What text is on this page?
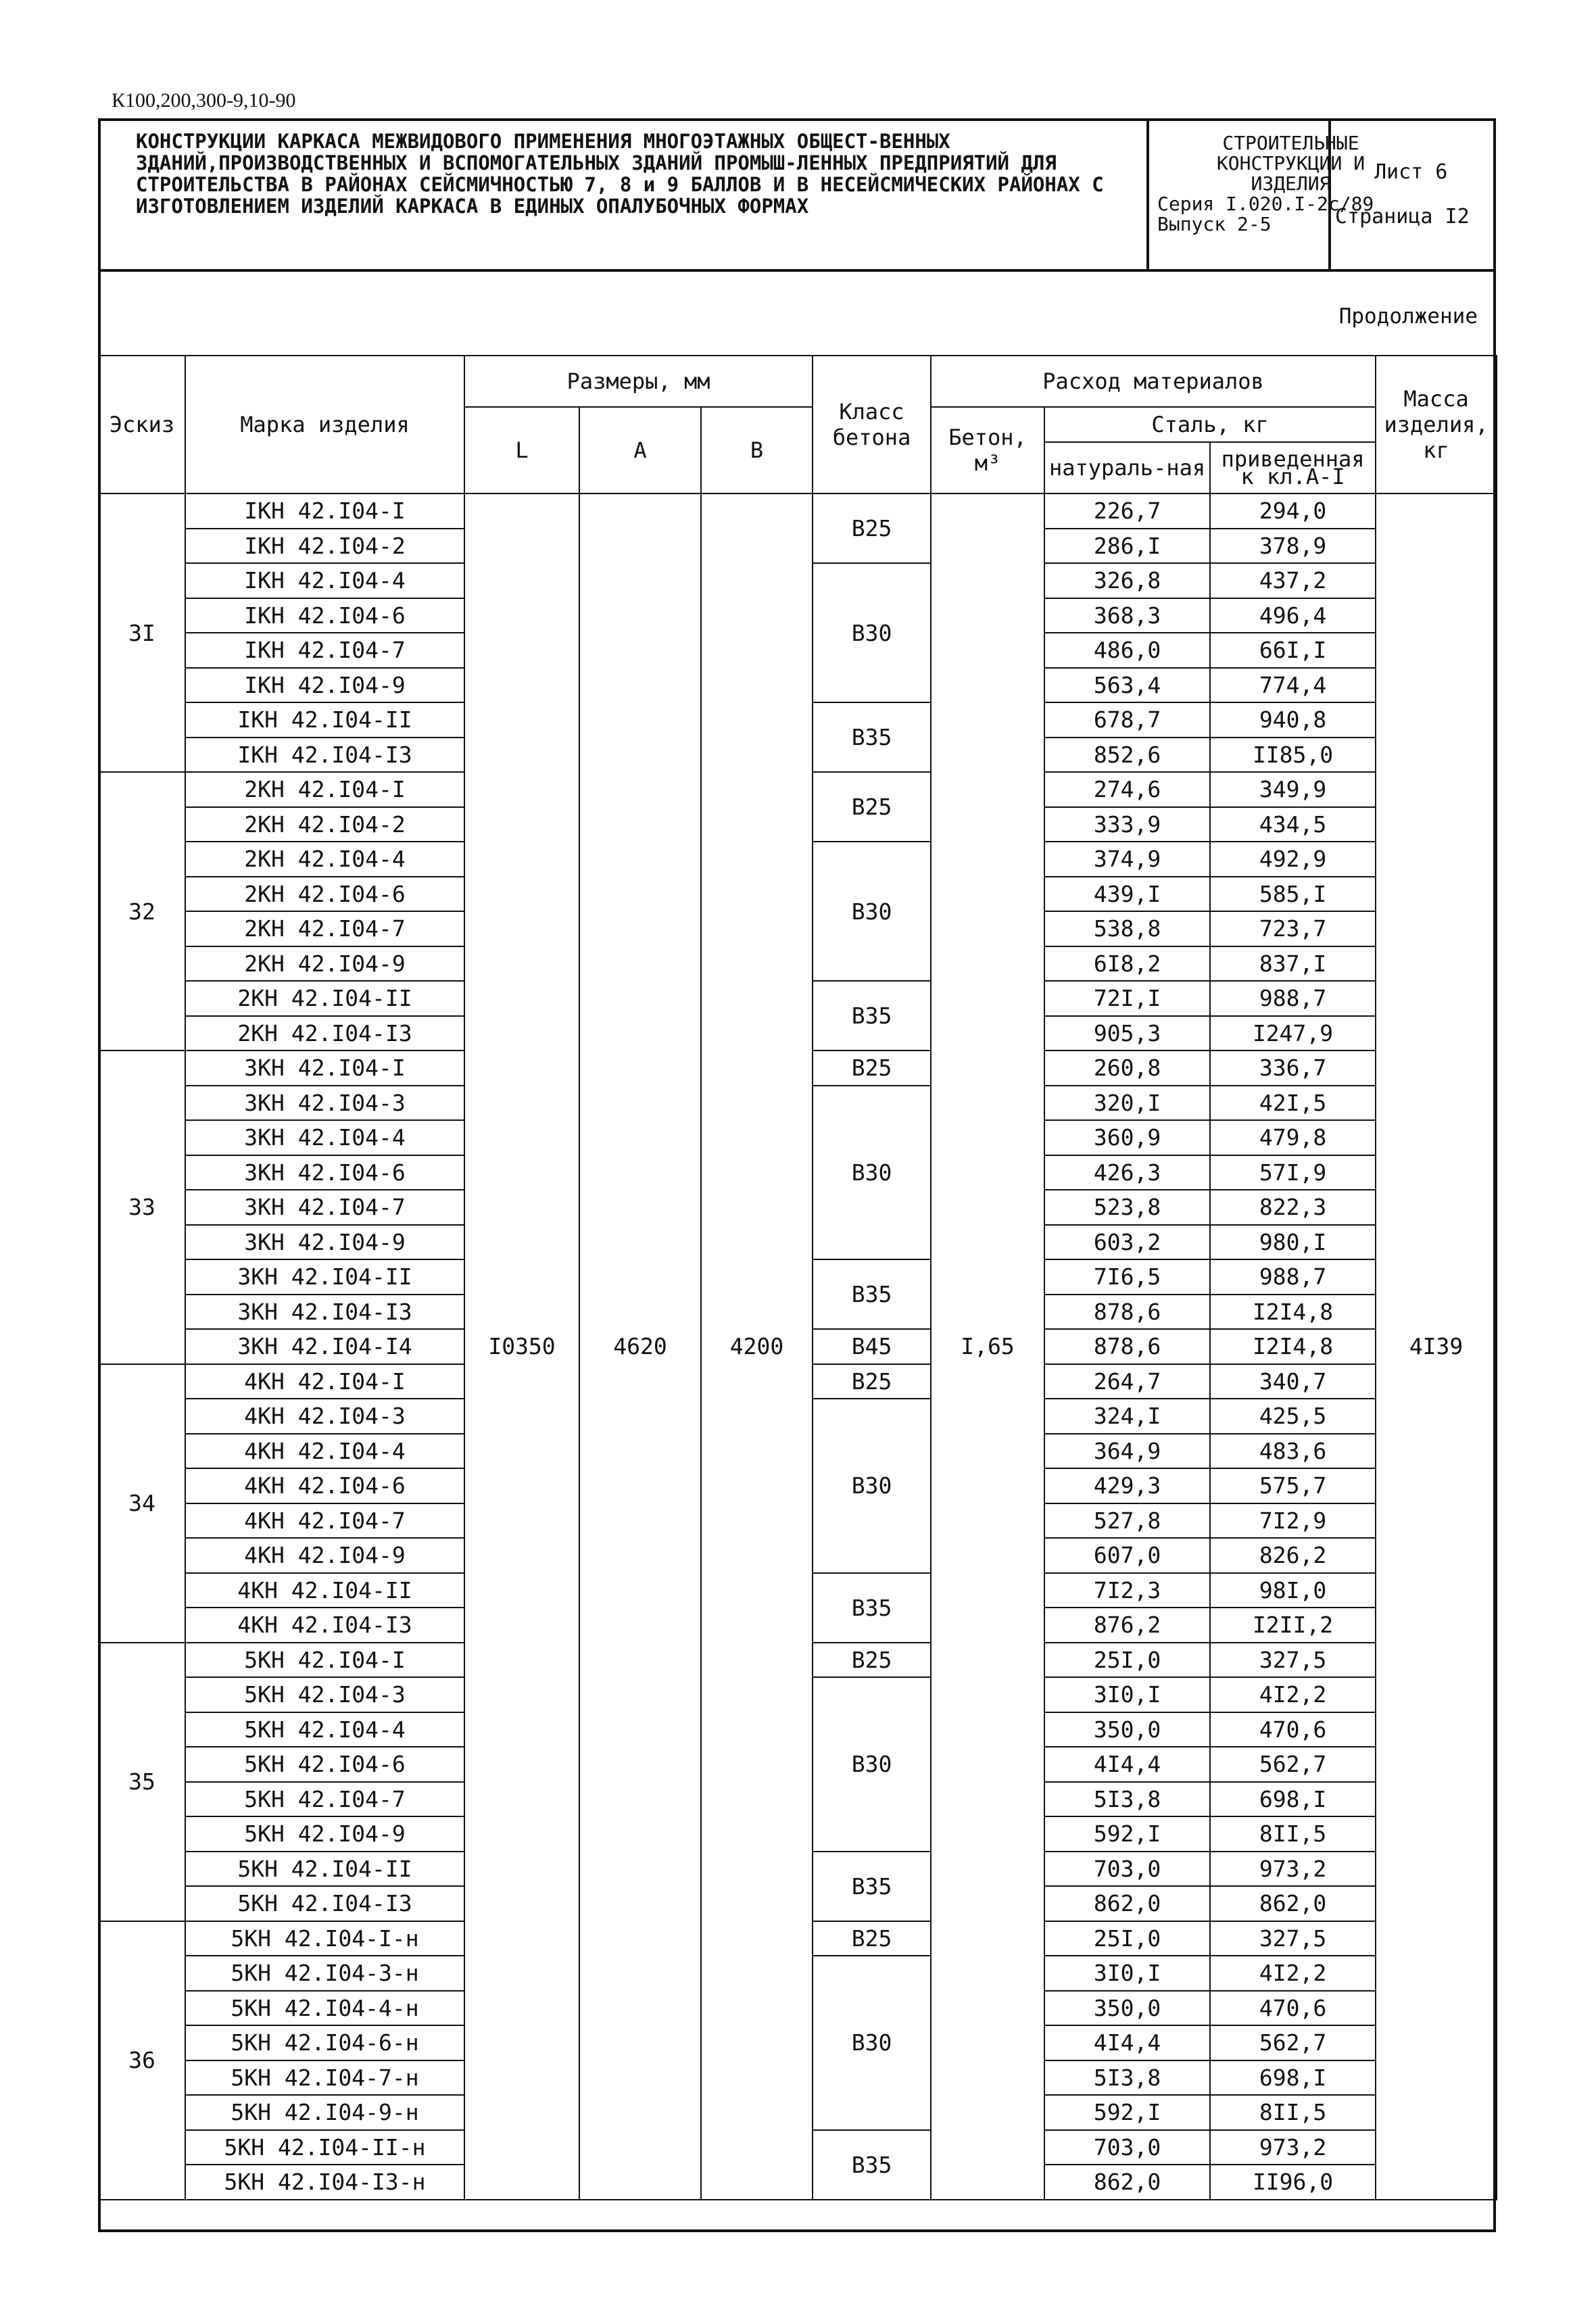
К100,200,300-9,10-90
КОНСТРУКЦИИ КАРКАСА МЕЖВИДОВОГО ПРИМЕНЕНИЯ МНОГОЭТАЖНЫХ ОБЩЕСТ-ВЕННЫХ ЗДАНИЙ,ПРОИЗВОДСТВЕННЫХ И ВСПОМОГАТЕЛЬНЫХ ЗДАНИЙ ПРОМЫШ-ЛЕННЫХ ПРЕДПРИЯТИЙ ДЛЯ СТРОИТЕЛЬСТВА В РАЙОНАХ СЕЙСМИЧНОСТЬЮ 7, 8 и 9 БАЛЛОВ И В НЕСЕЙСМИЧЕСКИХ РАЙОНАХ С ИЗГОТОВЛЕНИЕМ ИЗДЕЛИЙ КАРКАСА В ЕДИНЫХ ОПАЛУБОЧНЫХ ФОРМАХ
СТРОИТЕЛЬНЫЕ
КОНСТРУКЦИИ И
ИЗДЕЛИЯ
Серия I.020.I-2с/89
Выпуск 2-5
Лист 6
Страница I2
Продолжение
Эскиз	Марка изделия	Размеры, мм			Класс бетона	Расход материалов			Масса изделия, кг
		L	A	B		Бетон, м³	Сталь, кг		
							натураль-ная	приведенная к кл.А-I	
3I	IКН 42.I04-I	I0350	4620	4200	B25	I,65	226,7	294,0	4I39
	IКН 42.I04-2						286,I	378,9	
	IКН 42.I04-4				B30		326,8	437,2	
	IКН 42.I04-6						368,3	496,4	
	IКН 42.I04-7						486,0	66I,I	
	IКН 42.I04-9						563,4	774,4	
	IКН 42.I04-II				B35		678,7	940,8	
	IКН 42.I04-I3						852,6	II85,0	
32	2КН 42.I04-I				B25		274,6	349,9	
	2КН 42.I04-2						333,9	434,5	
	2КН 42.I04-4				B30		374,9	492,9	
	2КН 42.I04-6						439,I	585,I	
	2КН 42.I04-7						538,8	723,7	
	2КН 42.I04-9						6I8,2	837,I	
	2КН 42.I04-II				B35		72I,I	988,7	
	2КН 42.I04-I3						905,3	I247,9	
33	3КН 42.I04-I				B25		260,8	336,7	
	3КН 42.I04-3				B30		320,I	42I,5	
	3КН 42.I04-4						360,9	479,8	
	3КН 42.I04-6						426,3	57I,9	
	3КН 42.I04-7						523,8	822,3	
	3КН 42.I04-9						603,2	980,I	
	3КН 42.I04-II				B35		7I6,5	988,7	
	3КН 42.I04-I3						878,6	I2I4,8	
	3КН 42.I04-I4				B45		878,6	I2I4,8	
34	4КН 42.I04-I				B25		264,7	340,7	
	4КН 42.I04-3				B30		324,I	425,5	
	4КН 42.I04-4						364,9	483,6	
	4КН 42.I04-6						429,3	575,7	
	4КН 42.I04-7						527,8	7I2,9	
	4КН 42.I04-9						607,0	826,2	
	4КН 42.I04-II				B35		7I2,3	98I,0	
	4КН 42.I04-I3						876,2	I2II,2	
35	5КН 42.I04-I				B25		25I,0	327,5	
	5КН 42.I04-3				B30		3I0,I	4I2,2	
	5КН 42.I04-4						350,0	470,6	
	5КН 42.I04-6						4I4,4	562,7	
	5КН 42.I04-7						5I3,8	698,I	
	5КН 42.I04-9						592,I	8II,5	
	5КН 42.I04-II				B35		703,0	973,2	
	5КН 42.I04-I3						862,0	862,0	
36	5КН 42.I04-I-н				B25		25I,0	327,5	
	5КН 42.I04-3-н				B30		3I0,I	4I2,2	
	5КН 42.I04-4-н						350,0	470,6	
	5КН 42.I04-6-н						4I4,4	562,7	
	5КН 42.I04-7-н						5I3,8	698,I	
	5КН 42.I04-9-н						592,I	8II,5	
	5КН 42.I04-II-н				B35		703,0	973,2	
	5КН 42.I04-I3-н						862,0	II96,0	
